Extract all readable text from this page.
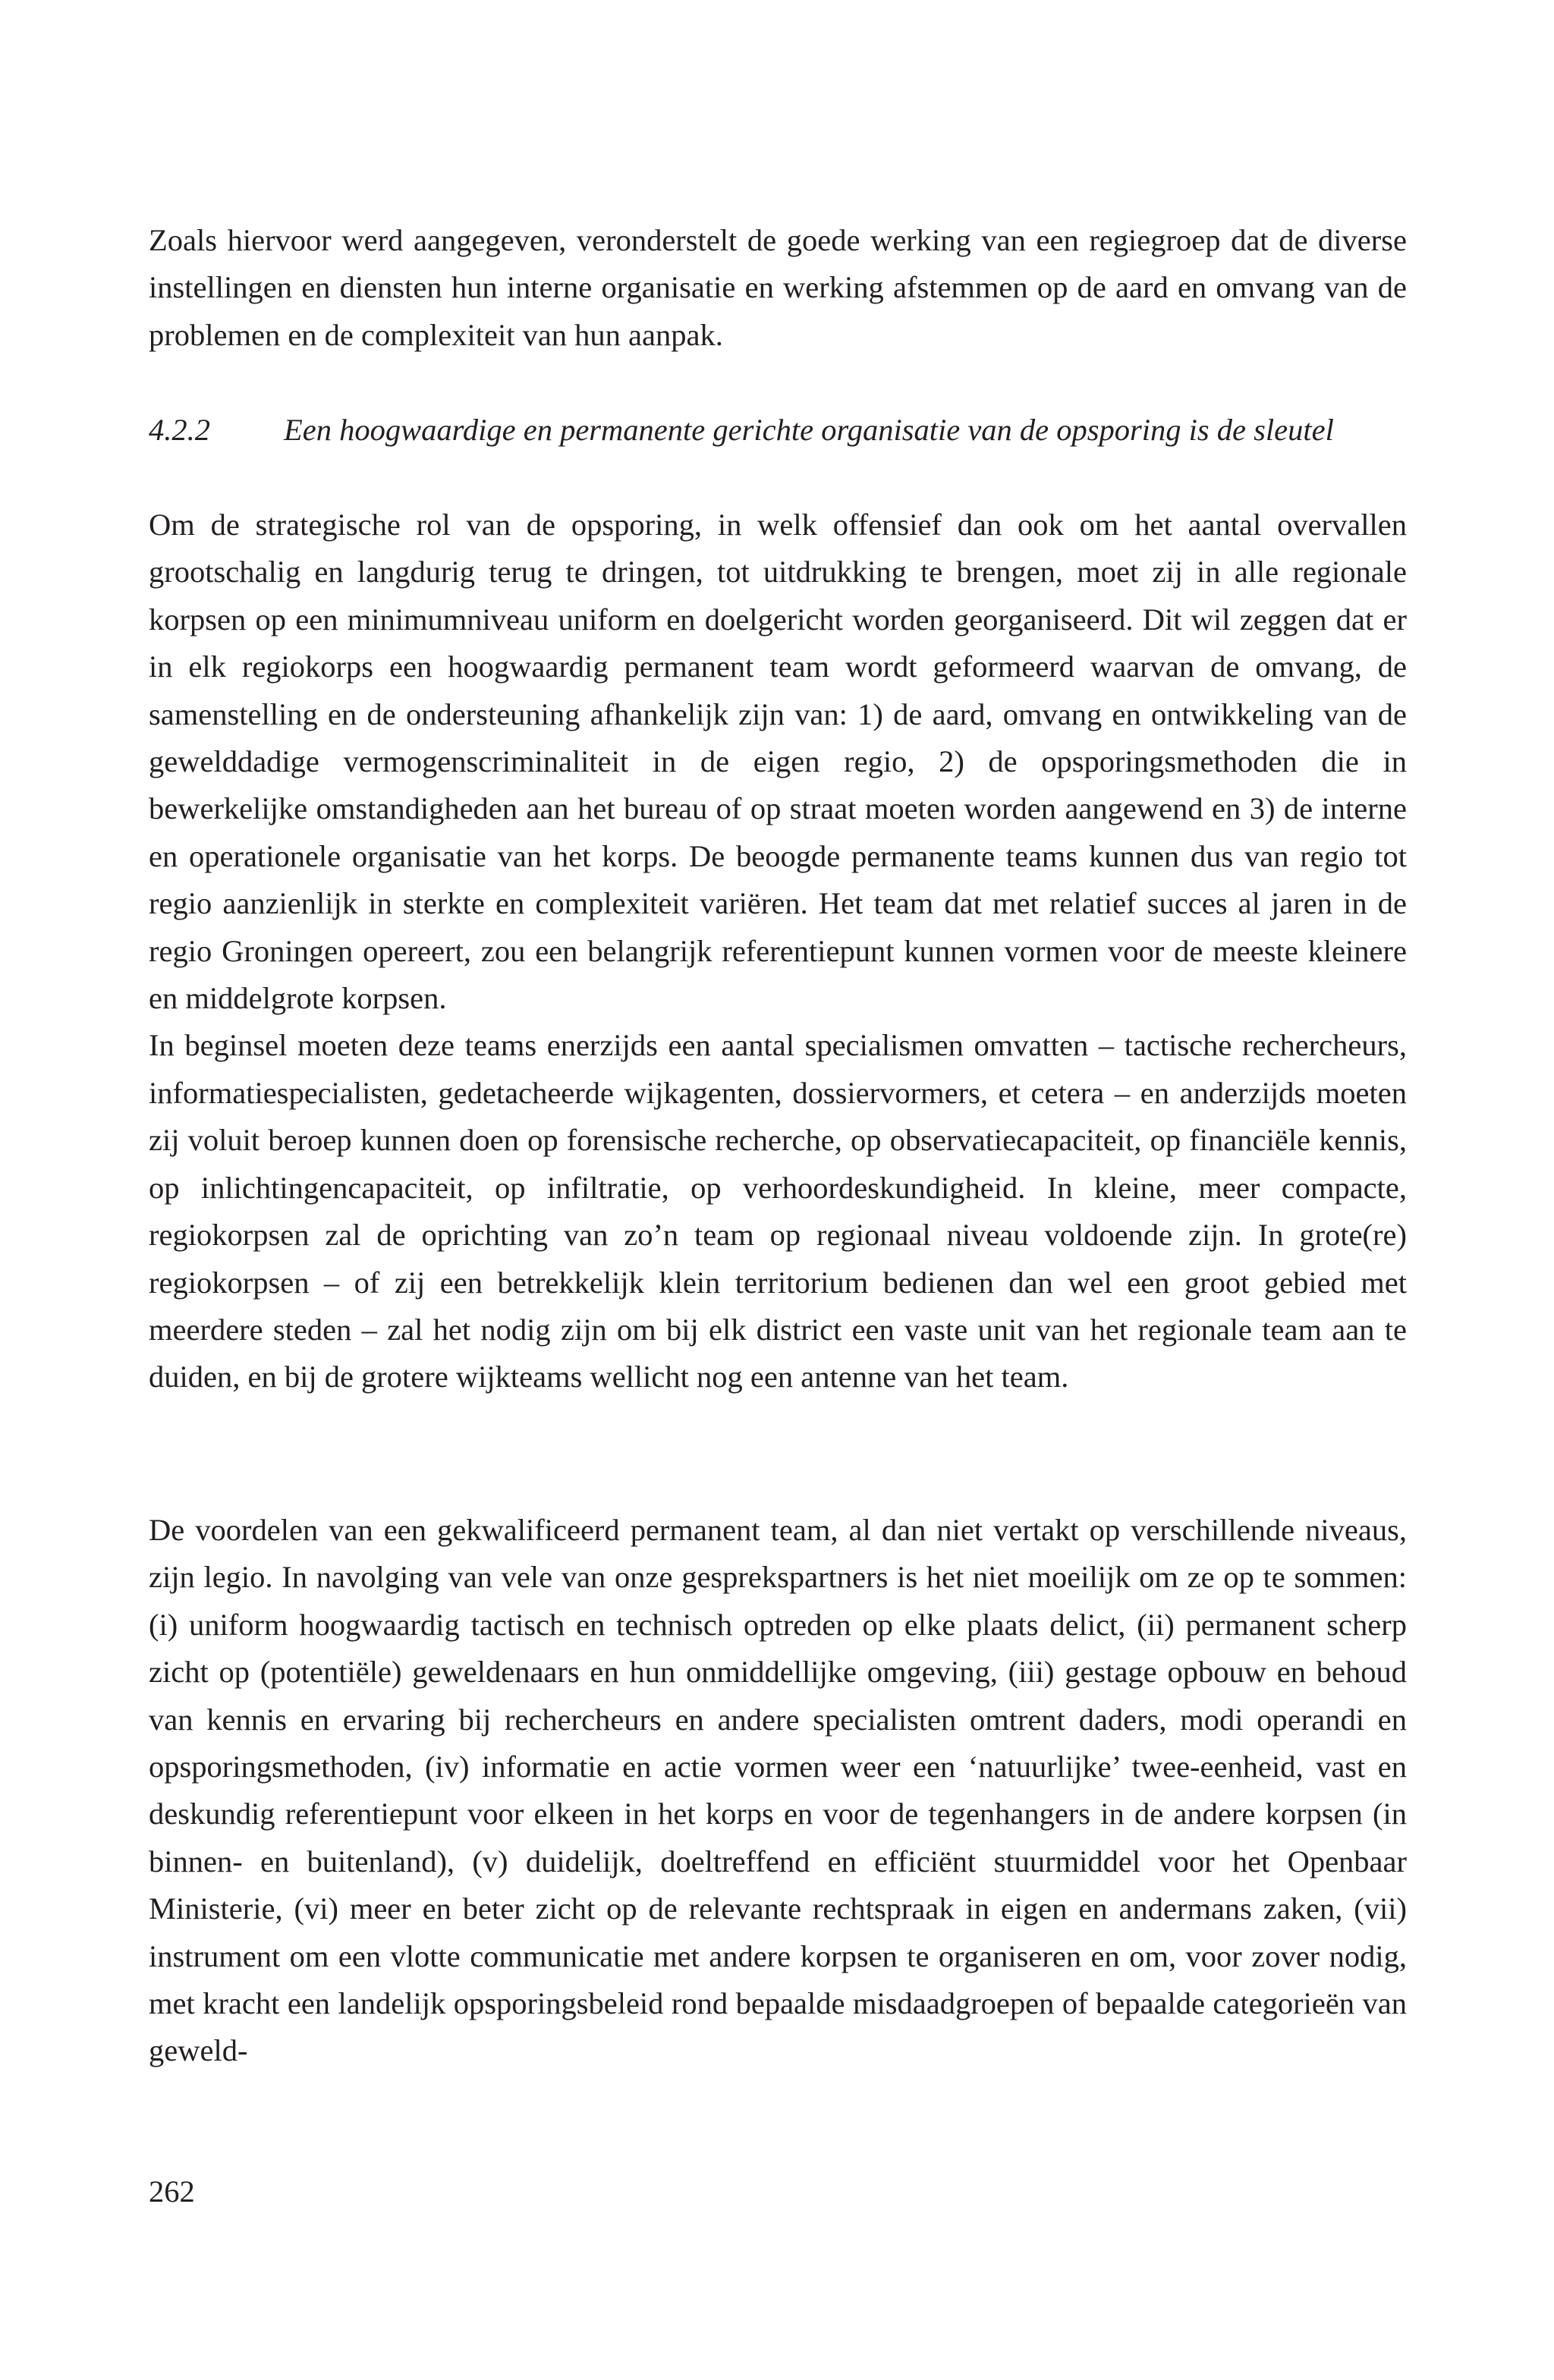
Zoals hiervoor werd aangegeven, veronderstelt de goede werking van een regiegroep dat de diverse instellingen en diensten hun interne organisatie en werking afstemmen op de aard en omvang van de problemen en de complexiteit van hun aanpak.

4.2.2 Een hoogwaardige en permanente gerichte organisatie van de opsporing is de sleutel

Om de strategische rol van de opsporing, in welk offensief dan ook om het aantal overvallen grootschalig en langdurig terug te dringen, tot uitdrukking te brengen, moet zij in alle regionale korpsen op een minimumniveau uniform en doelgericht worden georganiseerd. Dit wil zeggen dat er in elk regiokorps een hoogwaardig permanent team wordt geformeerd waarvan de omvang, de samenstelling en de ondersteuning afhankelijk zijn van: 1) de aard, omvang en ontwikkeling van de gewelddadige vermogenscriminaliteit in de eigen regio, 2) de opsporingsmethoden die in bewerkelijke omstandigheden aan het bureau of op straat moeten worden aangewend en 3) de interne en operationele organisatie van het korps. De beoogde permanente teams kunnen dus van regio tot regio aanzienlijk in sterkte en complexiteit variëren. Het team dat met relatief succes al jaren in de regio Groningen opereert, zou een belangrijk referentiepunt kunnen vormen voor de meeste kleinere en middelgrote korpsen.

In beginsel moeten deze teams enerzijds een aantal specialismen omvatten – tactische rechercheurs, informatiespecialisten, gedetacheerde wijkagenten, dossiervormers, et cetera – en anderzijds moeten zij voluit beroep kunnen doen op forensische recherche, op observatiecapaciteit, op financiële kennis, op inlichtingencapaciteit, op infiltratie, op verhoordeskundigheid. In kleine, meer compacte, regiokorpsen zal de oprichting van zo’n team op regionaal niveau voldoende zijn. In grote(re) regiokorpsen – of zij een betrekkelijk klein territorium bedienen dan wel een groot gebied met meerdere steden – zal het nodig zijn om bij elk district een vaste unit van het regionale team aan te duiden, en bij de grotere wijkteams wellicht nog een antenne van het team.

De voordelen van een gekwalificeerd permanent team, al dan niet vertakt op verschillende niveaus, zijn legio. In navolging van vele van onze gesprekspartners is het niet moeilijk om ze op te sommen: (i) uniform hoogwaardig tactisch en technisch optreden op elke plaats delict, (ii) permanent scherp zicht op (potentiële) geweldenaars en hun onmiddellijke omgeving, (iii) gestage opbouw en behoud van kennis en ervaring bij rechercheurs en andere specialisten omtrent daders, modi operandi en opsporingsmethoden, (iv) informatie en actie vormen weer een ‘natuurlijke’ twee-eenheid, vast en deskundig referentiepunt voor elkeen in het korps en voor de tegenhangers in de andere korpsen (in binnen- en buitenland), (v) duidelijk, doeltreffend en efficiënt stuurmiddel voor het Openbaar Ministerie, (vi) meer en beter zicht op de relevante rechtspraak in eigen en andermans zaken, (vii) instrument om een vlotte communicatie met andere korpsen te organiseren en om, voor zover nodig, met kracht een landelijk opsporingsbeleid rond bepaalde misdaadgroepen of bepaalde categorieën van geweld-

262
